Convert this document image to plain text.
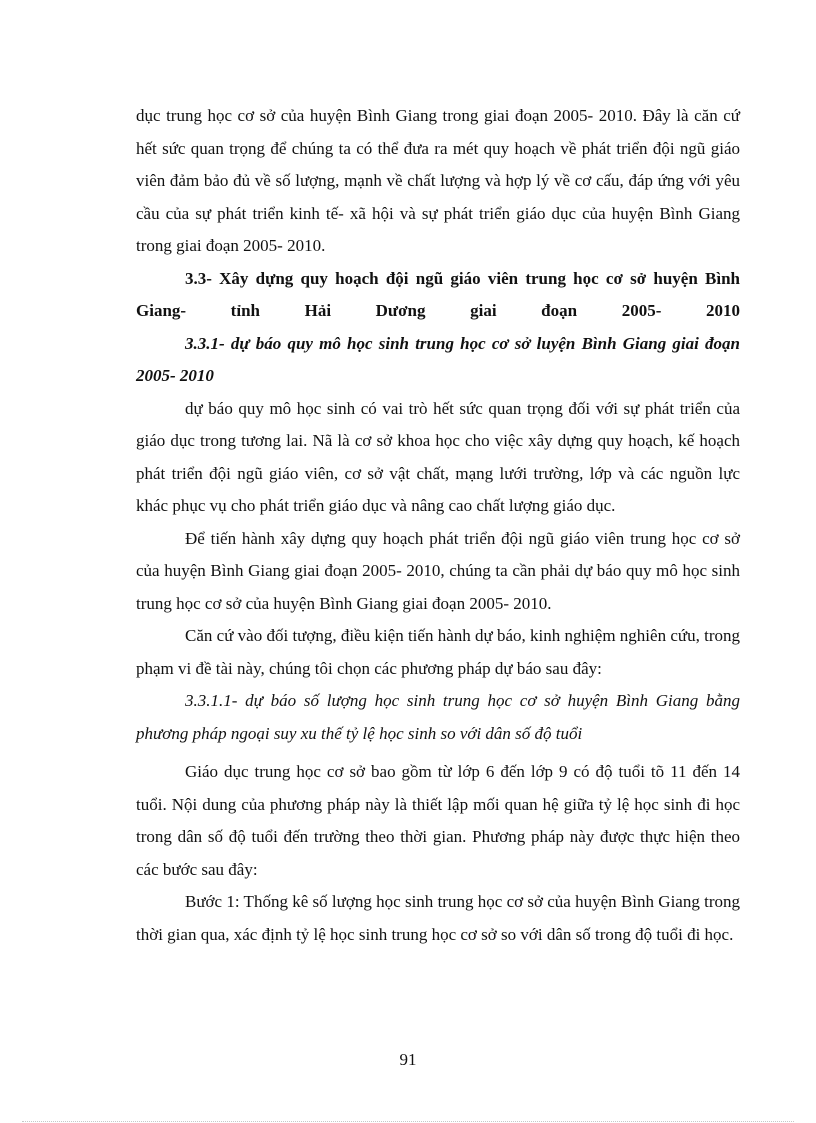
dục trung học cơ sở của huyện Bình Giang trong giai đoạn 2005- 2010. Đây là căn cứ hết sức quan trọng để chúng ta có thể đưa ra mét quy hoạch về phát triển đội ngũ giáo viên đảm bảo đủ về số lượng, mạnh về chất lượng và hợp lý về cơ cấu, đáp ứng với yêu cầu của sự phát triển kinh tế- xã hội và sự phát triển giáo dục của huyện Bình Giang trong giai đoạn 2005- 2010.

3.3- Xây dựng quy hoạch đội ngũ giáo viên trung học cơ sở huyện Bình Giang- tỉnh Hải Dương giai đoạn 2005- 2010

3.3.1- dự báo quy mô học sinh trung học cơ sở luyện Bình Giang giai đoạn 2005- 2010

dự báo quy mô học sinh có vai trò hết sức quan trọng đối với sự phát triển của giáo dục trong tương lai. Nã là cơ sở khoa học cho việc xây dựng quy hoạch, kế hoạch phát triển đội ngũ giáo viên, cơ sở vật chất, mạng lưới trường, lớp và các nguồn lực khác phục vụ cho phát triển giáo dục và nâng cao chất lượng giáo dục.

Để tiến hành xây dựng quy hoạch phát triển đội ngũ giáo viên trung học cơ sở của huyện Bình Giang giai đoạn 2005- 2010, chúng ta cần phải dự báo quy mô học sinh trung học cơ sở của huyện Bình Giang giai đoạn 2005- 2010.

Căn cứ vào đối tượng, điều kiện tiến hành dự báo, kinh nghiệm nghiên cứu, trong phạm vi đề tài này, chúng tôi chọn các phương pháp dự báo sau đây:

3.3.1.1- dự báo số lượng học sinh trung học cơ sở huyện Bình Giang bằng phương pháp ngoại suy xu thế tỷ lệ học sinh so với dân số độ tuổi

Giáo dục trung học cơ sở bao gồm từ lớp 6 đến lớp 9 có độ tuổi tõ 11 đến 14 tuổi. Nội dung của phương pháp này là thiết lập mối quan hệ giữa tỷ lệ học sinh đi học trong dân số độ tuổi đến trường theo thời gian. Phương pháp này được thực hiện theo các bước sau đây:

Bước 1: Thống kê số lượng học sinh trung học cơ sở của huyện Bình Giang trong thời gian qua, xác định tỷ lệ học sinh trung học cơ sở so với dân số trong độ tuổi đi học.

91
